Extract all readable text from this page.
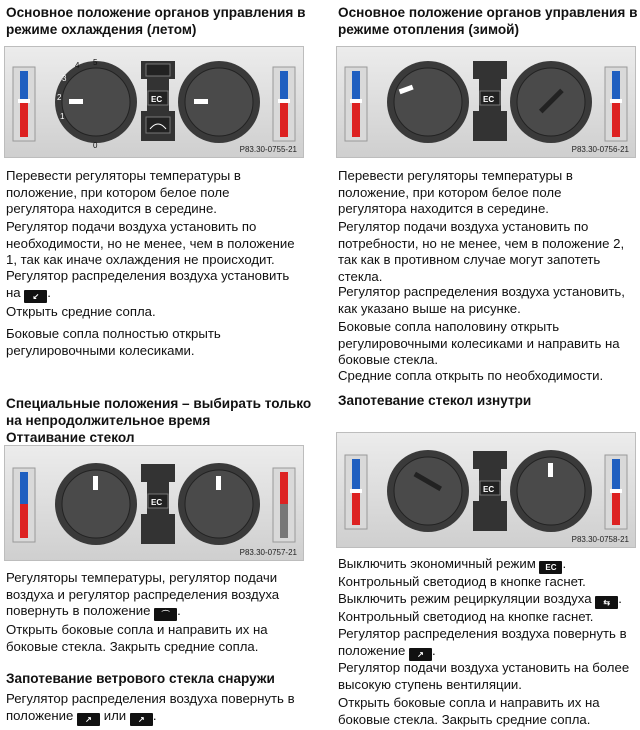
Основное положение органов управления в
режиме охлаждения (летом)
3
2
1
0
4 5
EC
P83.30-0755-21
Перевести регуляторы температуры в
положение, при котором белое поле
регулятора находится в середине.
Регулятор подачи воздуха установить по
необходимости, но не менее, чем в положение
1, так как иначе охлаждения не происходит.
Регулятор распределения воздуха установить
на ↙ .
Открыть средние сопла.
Боковые сопла полностью открыть
регулировочными колесиками.
Специальные положения – выбирать только
на непродолжительное время
Оттаивание стекол
EC
P83.30-0757-21
Регуляторы температуры, регулятор подачи
воздуха и регулятор распределения воздуха
повернуть в положение ⌒ .
Открыть боковые сопла и направить их на
боковые стекла. Закрыть средние сопла.
Запотевание ветрового стекла снаружи
Регулятор распределения воздуха повернуть в
положение ↗ или ↗ .
Основное положение органов управления в
режиме отопления (зимой)
EC
P83.30-0756-21
Перевести регуляторы температуры в
положение, при котором белое поле
регулятора находится в середине.
Регулятор подачи воздуха установить по
потребности, но не менее, чем в положение 2,
так как в противном случае могут запотеть
стекла.
Регулятор распределения воздуха установить,
как указано выше на рисунке.
Боковые сопла наполовину открыть
регулировочными колесиками и направить на
боковые стекла.
Средние сопла открыть по необходимости.
Запотевание стекол изнутри
EC
P83.30-0758-21
Выключить экономичный режим EC .
Контрольный светодиод в кнопке гаснет.
Выключить режим рециркуляции воздуха ⇆ .
Контрольный светодиод на кнопке гаснет.
Регулятор распределения воздуха повернуть в
положение ↗ .
Регулятор подачи воздуха установить на более
высокую ступень вентиляции.
Открыть боковые сопла и направить их на
боковые стекла. Закрыть средние сопла.
